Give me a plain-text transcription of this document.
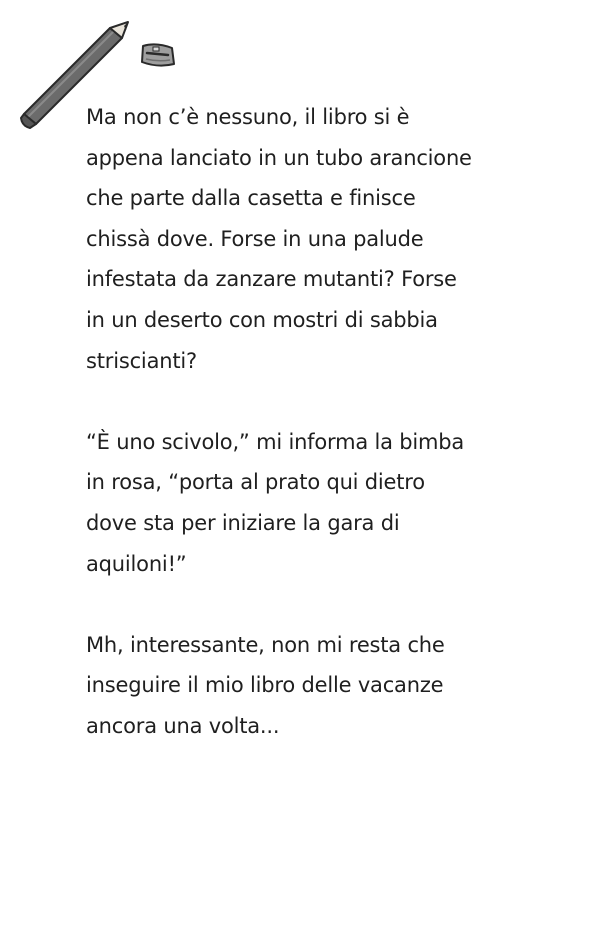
Ma non c’è nessuno, il libro si è
appena lanciato in un tubo arancione
che parte dalla casetta e finisce
chissà dove. Forse in una palude
infestata da zanzare mutanti? Forse
in un deserto con mostri di sabbia
striscianti?

“È uno scivolo,” mi informa la bimba
in rosa, “porta al prato qui dietro
dove sta per iniziare la gara di
aquiloni!”

Mh, interessante, non mi resta che
inseguire il mio libro delle vacanze
ancora una volta...
